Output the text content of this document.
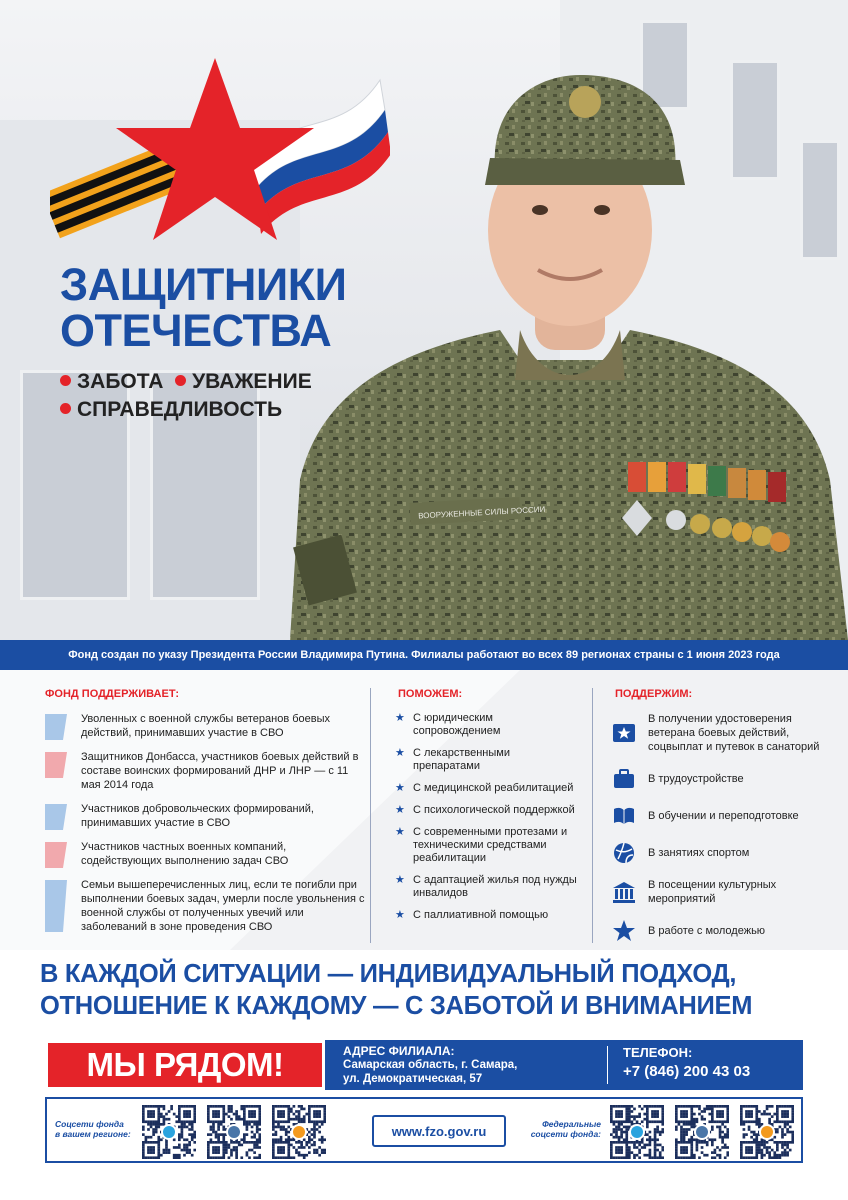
ВООРУЖЕННЫЕ СИЛЫ РОССИИ
ЗАЩИТНИКИ
ОТЕЧЕСТВА
ЗАБОТА УВАЖЕНИЕ
СПРАВЕДЛИВОСТЬ
Фонд создан по указу Президента России Владимира Путина. Филиалы работают во всех 89 регионах страны с 1 июня 2023 года
ФОНД ПОДДЕРЖИВАЕТ:
Уволенных с военной службы ветеранов боевых действий, принимавших участие в СВО
Защитников Донбасса, участников боевых действий в составе воинских формирований ДНР и ЛНР — с 11 мая 2014 года
Участников добровольческих формирований, принимавших участие в СВО
Участников частных военных компаний, содействующих выполнению задач СВО
Семьи вышеперечисленных лиц, если те погибли при выполнении боевых задач, умерли после увольнения с военной службы от полученных увечий или заболеваний в зоне проведения СВО
ПОМОЖЕМ:
★ С юридическим сопровождением
★ С лекарственными препаратами
★ С медицинской реабилитацией
★ С психологической поддержкой
★ С современными протезами и техническими средствами реабилитации
★ С адаптацией жилья под нужды инвалидов
★ С паллиативной помощью
ПОДДЕРЖИМ:
В получении удостоверения ветерана боевых действий, соцвыплат и путевок в санаторий
В трудоустройстве
В обучении и переподготовке
В занятиях спортом
В посещении культурных мероприятий
В работе с молодежью
В КАЖДОЙ СИТУАЦИИ — ИНДИВИДУАЛЬНЫЙ ПОДХОД,
ОТНОШЕНИЕ К КАЖДОМУ — С ЗАБОТОЙ И ВНИМАНИЕМ
МЫ РЯДОМ!	АДРЕС ФИЛИАЛА:
Самарская область, г. Самара,
ул. Демократическая, 57
ТЕЛЕФОН:
+7 (846) 200 43 03
Соцсети фонда
в вашем регионе:	www.fzo.gov.ru	Федеральные
соцсети фонда:
